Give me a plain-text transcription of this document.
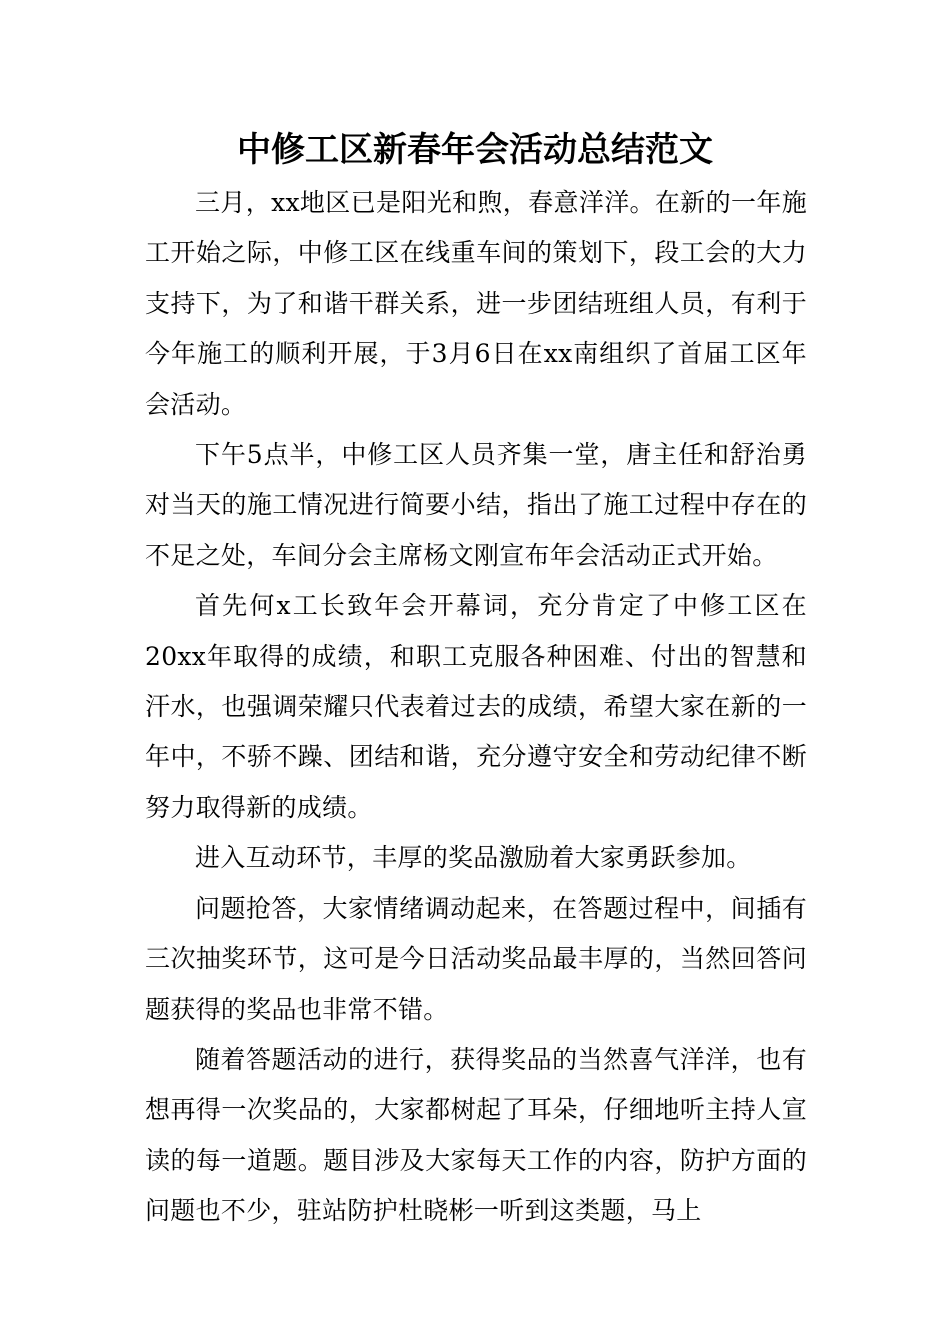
中修工区新春年会活动总结范文

三月，xx地区已是阳光和煦，春意洋洋。在新的一年施工开始之际，中修工区在线重车间的策划下，段工会的大力支持下，为了和谐干群关系，进一步团结班组人员，有利于今年施工的顺利开展，于3月6日在xx南组织了首届工区年会活动。

下午5点半，中修工区人员齐集一堂，唐主任和舒治勇对当天的施工情况进行简要小结，指出了施工过程中存在的不足之处，车间分会主席杨文刚宣布年会活动正式开始。

首先何x工长致年会开幕词，充分肯定了中修工区在20xx年取得的成绩，和职工克服各种困难、付出的智慧和汗水，也强调荣耀只代表着过去的成绩，希望大家在新的一年中，不骄不躁、团结和谐，充分遵守安全和劳动纪律不断努力取得新的成绩。

进入互动环节，丰厚的奖品激励着大家勇跃参加。

问题抢答，大家情绪调动起来，在答题过程中，间插有三次抽奖环节，这可是今日活动奖品最丰厚的，当然回答问题获得的奖品也非常不错。

随着答题活动的进行，获得奖品的当然喜气洋洋，也有想再得一次奖品的，大家都树起了耳朵，仔细地听主持人宣读的每一道题。题目涉及大家每天工作的内容，防护方面的问题也不少，驻站防护杜晓彬一听到这类题，马上
